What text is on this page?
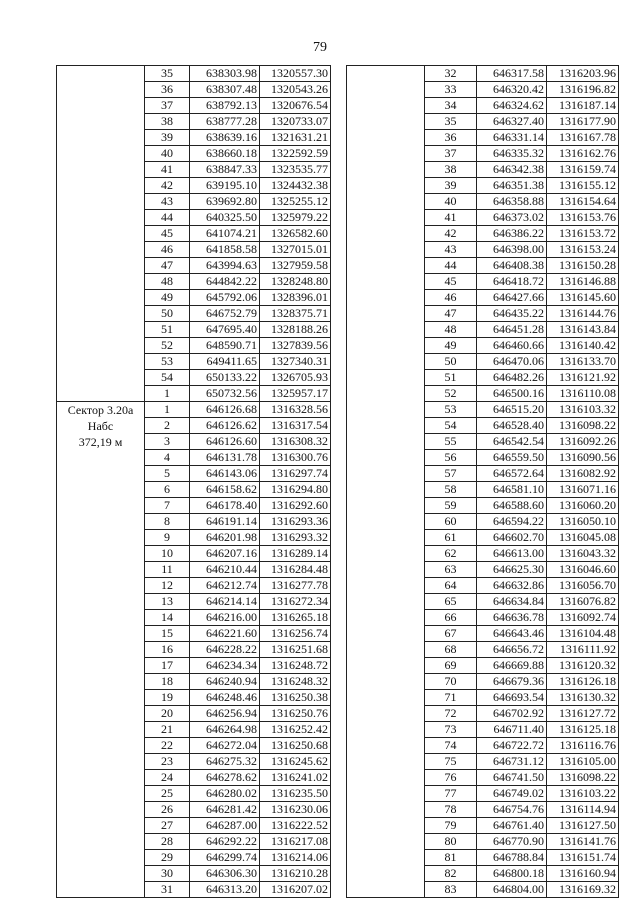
79
	35	638303.98	1320557.30
	36	638307.48	1320543.26
	37	638792.13	1320676.54
	38	638777.28	1320733.07
	39	638639.16	1321631.21
	40	638660.18	1322592.59
	41	638847.33	1323535.77
	42	639195.10	1324432.38
	43	639692.80	1325255.12
	44	640325.50	1325979.22
	45	641074.21	1326582.60
	46	641858.58	1327015.01
	47	643994.63	1327959.58
	48	644842.22	1328248.80
	49	645792.06	1328396.01
	50	646752.79	1328375.71
	51	647695.40	1328188.26
	52	648590.71	1327839.56
	53	649411.65	1327340.31
	54	650133.22	1326705.93
	1	650732.56	1325957.17

Сектор 3.20а
Набс
372,19 м	1	646126.68	1316328.56
	2	646126.62	1316317.54
	3	646126.60	1316308.32
	4	646131.78	1316300.76
	5	646143.06	1316297.74
	6	646158.62	1316294.80
	7	646178.40	1316292.60
	8	646191.14	1316293.36
	9	646201.98	1316293.32
	10	646207.16	1316289.14
	11	646210.44	1316284.48
	12	646212.74	1316277.78
	13	646214.14	1316272.34
	14	646216.00	1316265.18
	15	646221.60	1316256.74
	16	646228.22	1316251.68
	17	646234.34	1316248.72
	18	646240.94	1316248.32
	19	646248.46	1316250.38
	20	646256.94	1316250.76
	21	646264.98	1316252.42
	22	646272.04	1316250.68
	23	646275.32	1316245.62
	24	646278.62	1316241.02
	25	646280.02	1316235.50
	26	646281.42	1316230.06
	27	646287.00	1316222.52
	28	646292.22	1316217.08
	29	646299.74	1316214.06
	30	646306.30	1316210.28
	31	646313.20	1316207.02
	32	646317.58	1316203.96
	33	646320.42	1316196.82
	34	646324.62	1316187.14
	35	646327.40	1316177.90
	36	646331.14	1316167.78
	37	646335.32	1316162.76
	38	646342.38	1316159.74
	39	646351.38	1316155.12
	40	646358.88	1316154.64
	41	646373.02	1316153.76
	42	646386.22	1316153.72
	43	646398.00	1316153.24
	44	646408.38	1316150.28
	45	646418.72	1316146.88
	46	646427.66	1316145.60
	47	646435.22	1316144.76
	48	646451.28	1316143.84
	49	646460.66	1316140.42
	50	646470.06	1316133.70
	51	646482.26	1316121.92
	52	646500.16	1316110.08
	53	646515.20	1316103.32
	54	646528.40	1316098.22
	55	646542.54	1316092.26
	56	646559.50	1316090.56
	57	646572.64	1316082.92
	58	646581.10	1316071.16
	59	646588.60	1316060.20
	60	646594.22	1316050.10
	61	646602.70	1316045.08
	62	646613.00	1316043.32
	63	646625.30	1316046.60
	64	646632.86	1316056.70
	65	646634.84	1316076.82
	66	646636.78	1316092.74
	67	646643.46	1316104.48
	68	646656.72	1316111.92
	69	646669.88	1316120.32
	70	646679.36	1316126.18
	71	646693.54	1316130.32
	72	646702.92	1316127.72
	73	646711.40	1316125.18
	74	646722.72	1316116.76
	75	646731.12	1316105.00
	76	646741.50	1316098.22
	77	646749.02	1316103.22
	78	646754.76	1316114.94
	79	646761.40	1316127.50
	80	646770.90	1316141.76
	81	646788.84	1316151.74
	82	646800.18	1316160.94
	83	646804.00	1316169.32
